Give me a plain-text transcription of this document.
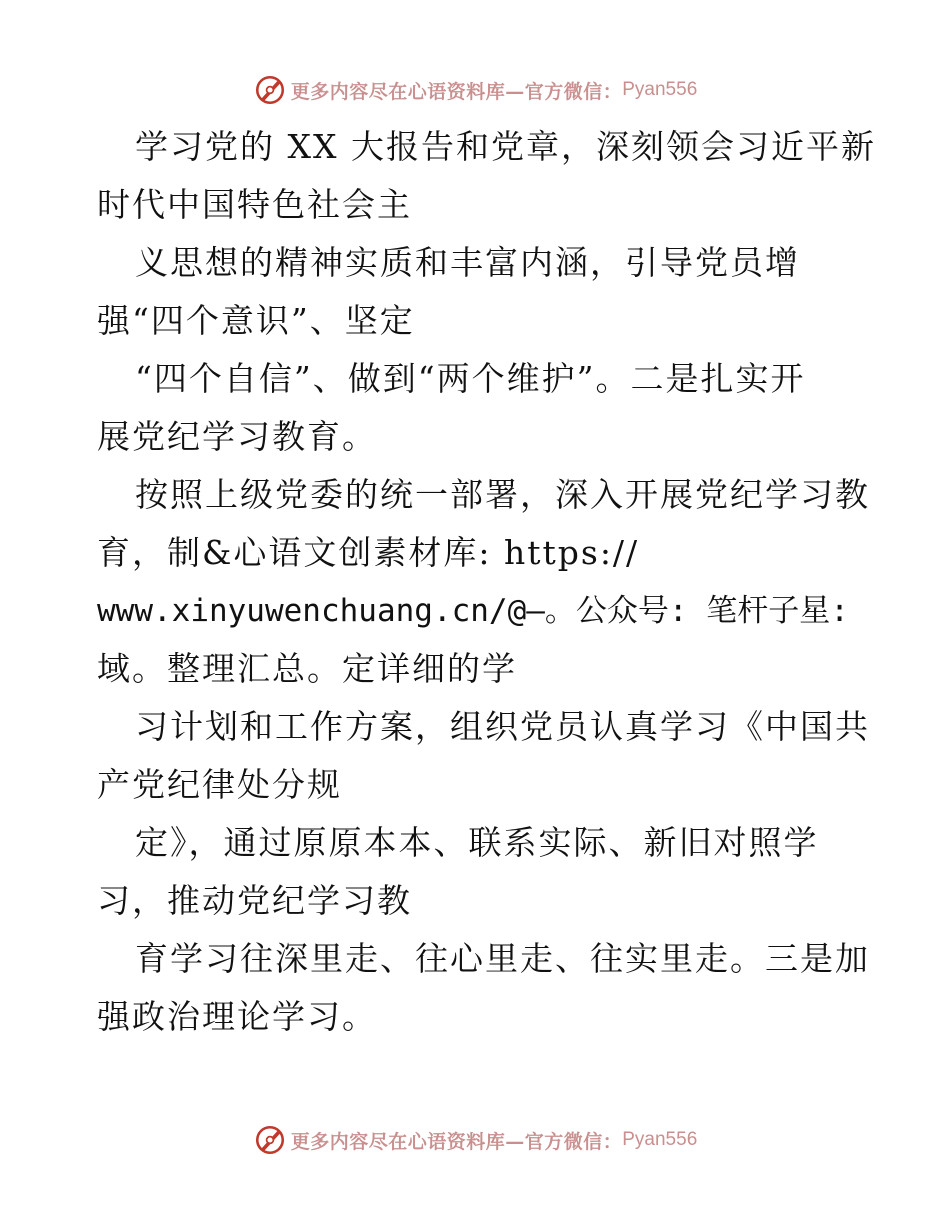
更多内容尽在心语资料库—官方微信： Pyan556
学习党的 XX 大报告和党章，深刻领会习近平新
时代中国特色社会主
义思想的精神实质和丰富内涵，引导党员增
强“四个意识”、坚定
“四个自信”、做到“两个维护”。二是扎实开
展党纪学习教育。
按照上级党委的统一部署，深入开展党纪学习教
育，制&心语文创素材库: https://
www.xinyuwenchuang.cn/@—。公众号: 笔杆子星:
域。整理汇总。定详细的学
习计划和工作方案，组织党员认真学习《中国共
产党纪律处分规
定》，通过原原本本、联系实际、新旧对照学
习，推动党纪学习教
育学习往深里走、往心里走、往实里走。三是加
强政治理论学习。
更多内容尽在心语资料库—官方微信： Pyan556
